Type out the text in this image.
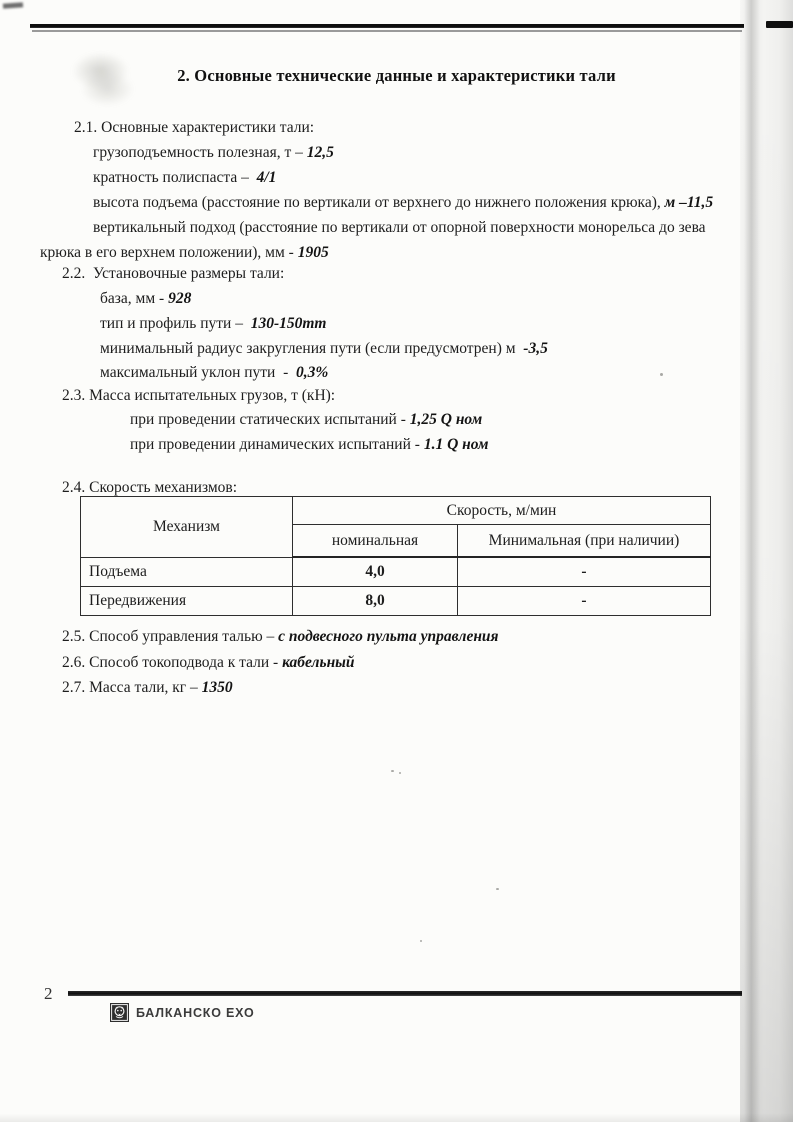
2. Основные технические данные и характеристики тали
2.1. Основные характеристики тали:
грузоподъемность полезная, т – 12,5
кратность полиспаста –  4/1
высота подъема (расстояние по вертикали от верхнего до нижнего положения крюка), м –11,5
вертикальный подход (расстояние по вертикали от опорной поверхности монорельса до зева
крюка в его верхнем положении), мм - 1905
2.2.  Установочные размеры тали:
база, мм - 928
тип и профиль пути –  130-150mm
минимальный радиус закругления пути (если предусмотрен) м  -3,5
максимальный уклон пути  -  0,3%
2.3. Масса испытательных грузов, т (кН):
при проведении статических испытаний - 1,25 Q ном
при проведении динамических испытаний - 1.1 Q ном
2.4. Скорость механизмов:
Механизм	Скорость, м/мин	
	номинальная	Минимальная (при наличии)
Подъема	4,0	-
Передвижения	8,0	-
2.5. Способ управления талью – с подвесного пульта управления
2.6. Способ токоподвода к тали - кабельный
2.7. Масса тали, кг – 1350
2
БАЛКАНСКО ЕХО
